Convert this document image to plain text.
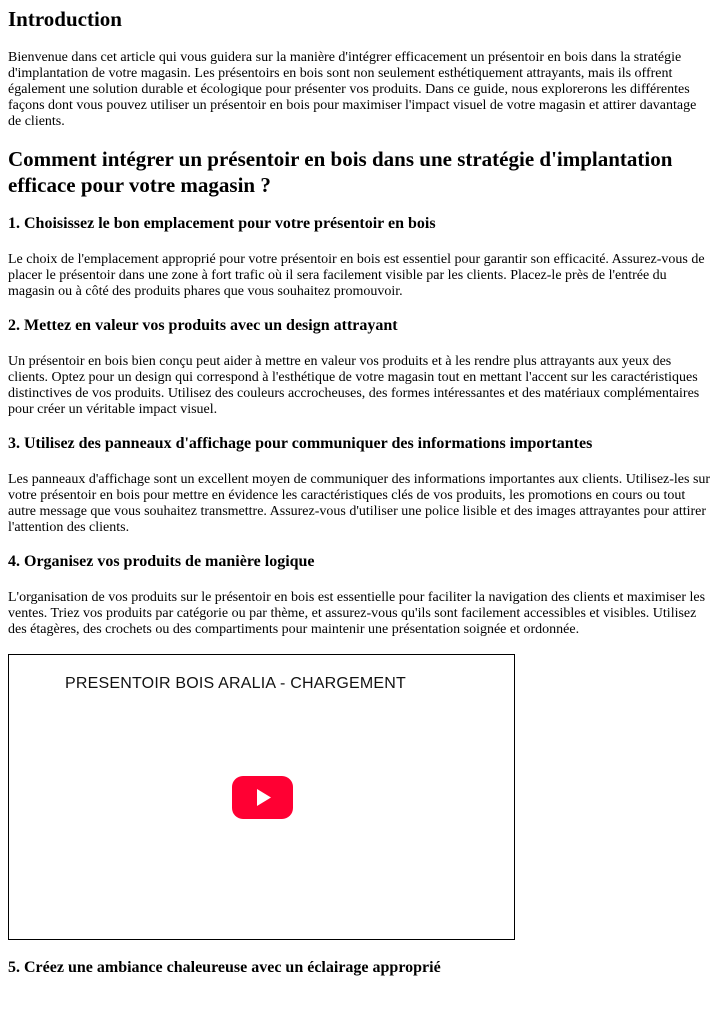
Introduction

Bienvenue dans cet article qui vous guidera sur la manière d'intégrer efficacement un présentoir en bois dans la stratégie d'implantation de votre magasin. Les présentoirs en bois sont non seulement esthétiquement attrayants, mais ils offrent également une solution durable et écologique pour présenter vos produits. Dans ce guide, nous explorerons les différentes façons dont vous pouvez utiliser un présentoir en bois pour maximiser l'impact visuel de votre magasin et attirer davantage de clients.

Comment intégrer un présentoir en bois dans une stratégie d'implantation efficace pour votre magasin ?
1. Choisissez le bon emplacement pour votre présentoir en bois

Le choix de l'emplacement approprié pour votre présentoir en bois est essentiel pour garantir son efficacité. Assurez-vous de placer le présentoir dans une zone à fort trafic où il sera facilement visible par les clients. Placez-le près de l'entrée du magasin ou à côté des produits phares que vous souhaitez promouvoir.

2. Mettez en valeur vos produits avec un design attrayant

Un présentoir en bois bien conçu peut aider à mettre en valeur vos produits et à les rendre plus attrayants aux yeux des clients. Optez pour un design qui correspond à l'esthétique de votre magasin tout en mettant l'accent sur les caractéristiques distinctives de vos produits. Utilisez des couleurs accrocheuses, des formes intéressantes et des matériaux complémentaires pour créer un véritable impact visuel.

3. Utilisez des panneaux d'affichage pour communiquer des informations importantes

Les panneaux d'affichage sont un excellent moyen de communiquer des informations importantes aux clients. Utilisez-les sur votre présentoir en bois pour mettre en évidence les caractéristiques clés de vos produits, les promotions en cours ou tout autre message que vous souhaitez transmettre. Assurez-vous d'utiliser une police lisible et des images attrayantes pour attirer l'attention des clients.

4. Organisez vos produits de manière logique

L'organisation de vos produits sur le présentoir en bois est essentielle pour faciliter la navigation des clients et maximiser les ventes. Triez vos produits par catégorie ou par thème, et assurez-vous qu'ils sont facilement accessibles et visibles. Utilisez des étagères, des crochets ou des compartiments pour maintenir une présentation soignée et ordonnée.

PRESENTOIR BOIS ARALIA - CHARGEMENT
5. Créez une ambiance chaleureuse avec un éclairage approprié
